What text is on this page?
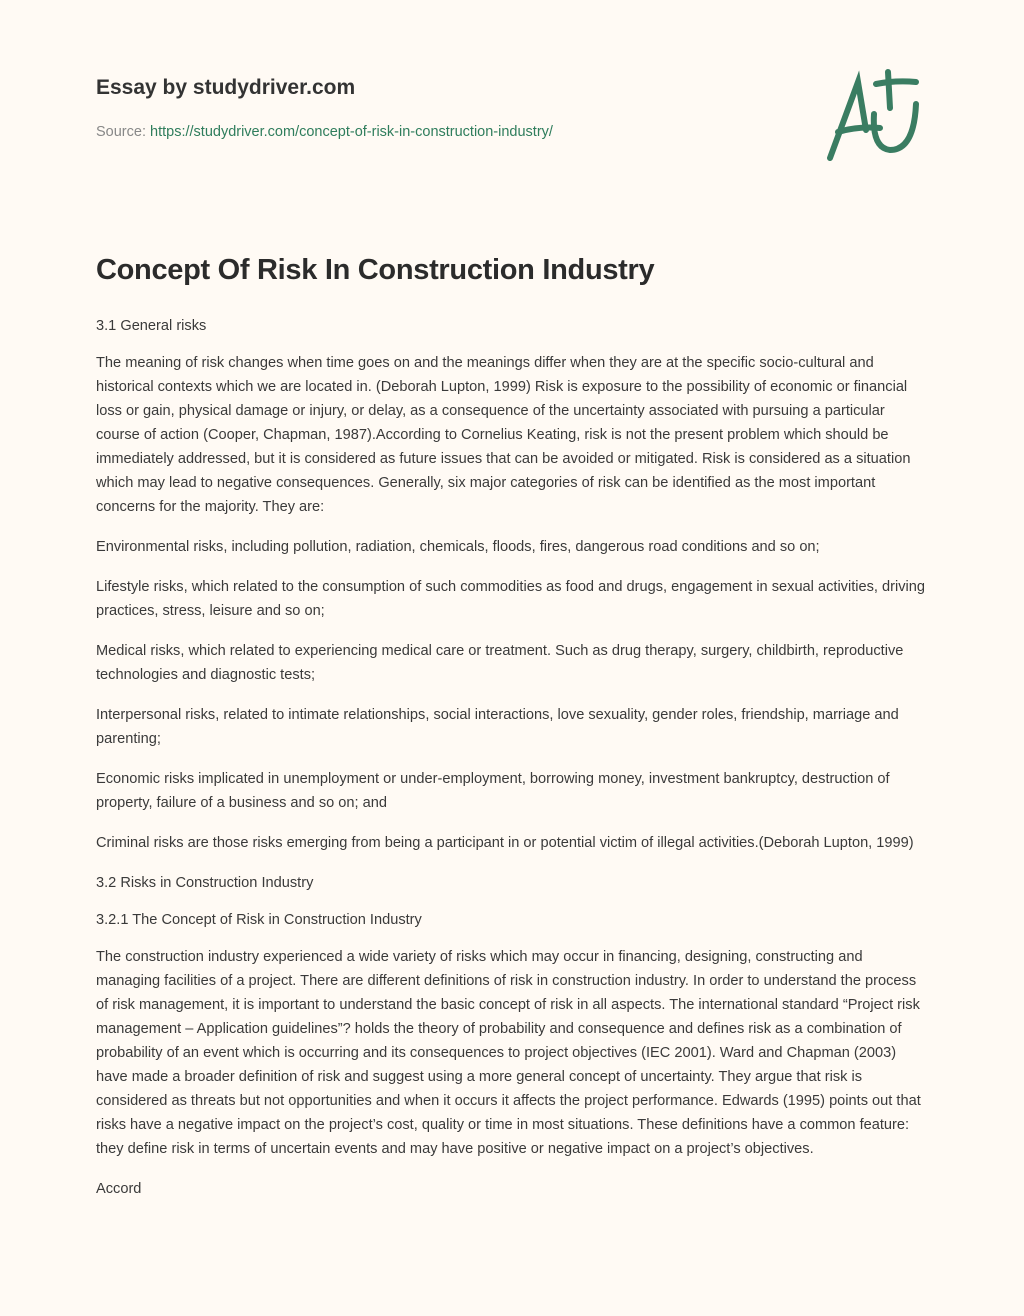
Essay by studydriver.com
Source: https://studydriver.com/concept-of-risk-in-construction-industry/
Concept Of Risk In Construction Industry

3.1 General risks

The meaning of risk changes when time goes on and the meanings differ when they are at the specific socio-cultural and historical contexts which we are located in. (Deborah Lupton, 1999) Risk is exposure to the possibility of economic or financial loss or gain, physical damage or injury, or delay, as a consequence of the uncertainty associated with pursuing a particular course of action (Cooper, Chapman, 1987).According to Cornelius Keating, risk is not the present problem which should be immediately addressed, but it is considered as future issues that can be avoided or mitigated. Risk is considered as a situation which may lead to negative consequences. Generally, six major categories of risk can be identified as the most important concerns for the majority. They are:

Environmental risks, including pollution, radiation, chemicals, floods, fires, dangerous road conditions and so on;

Lifestyle risks, which related to the consumption of such commodities as food and drugs, engagement in sexual activities, driving practices, stress, leisure and so on;

Medical risks, which related to experiencing medical care or treatment. Such as drug therapy, surgery, childbirth, reproductive technologies and diagnostic tests;

Interpersonal risks, related to intimate relationships, social interactions, love sexuality, gender roles, friendship, marriage and parenting;

Economic risks implicated in unemployment or under-employment, borrowing money, investment bankruptcy, destruction of property, failure of a business and so on; and

Criminal risks are those risks emerging from being a participant in or potential victim of illegal activities.(Deborah Lupton, 1999)

3.2 Risks in Construction Industry

3.2.1 The Concept of Risk in Construction Industry

The construction industry experienced a wide variety of risks which may occur in financing, designing, constructing and managing facilities of a project. There are different definitions of risk in construction industry. In order to understand the process of risk management, it is important to understand the basic concept of risk in all aspects. The international standard “Project risk management – Application guidelines”? holds the theory of probability and consequence and defines risk as a combination of probability of an event which is occurring and its consequences to project objectives (IEC 2001). Ward and Chapman (2003) have made a broader definition of risk and suggest using a more general concept of uncertainty. They argue that risk is considered as threats but not opportunities and when it occurs it affects the project performance. Edwards (1995) points out that risks have a negative impact on the project’s cost, quality or time in most situations. These definitions have a common feature: they define risk in terms of uncertain events and may have positive or negative impact on a project’s objectives.

Accord
